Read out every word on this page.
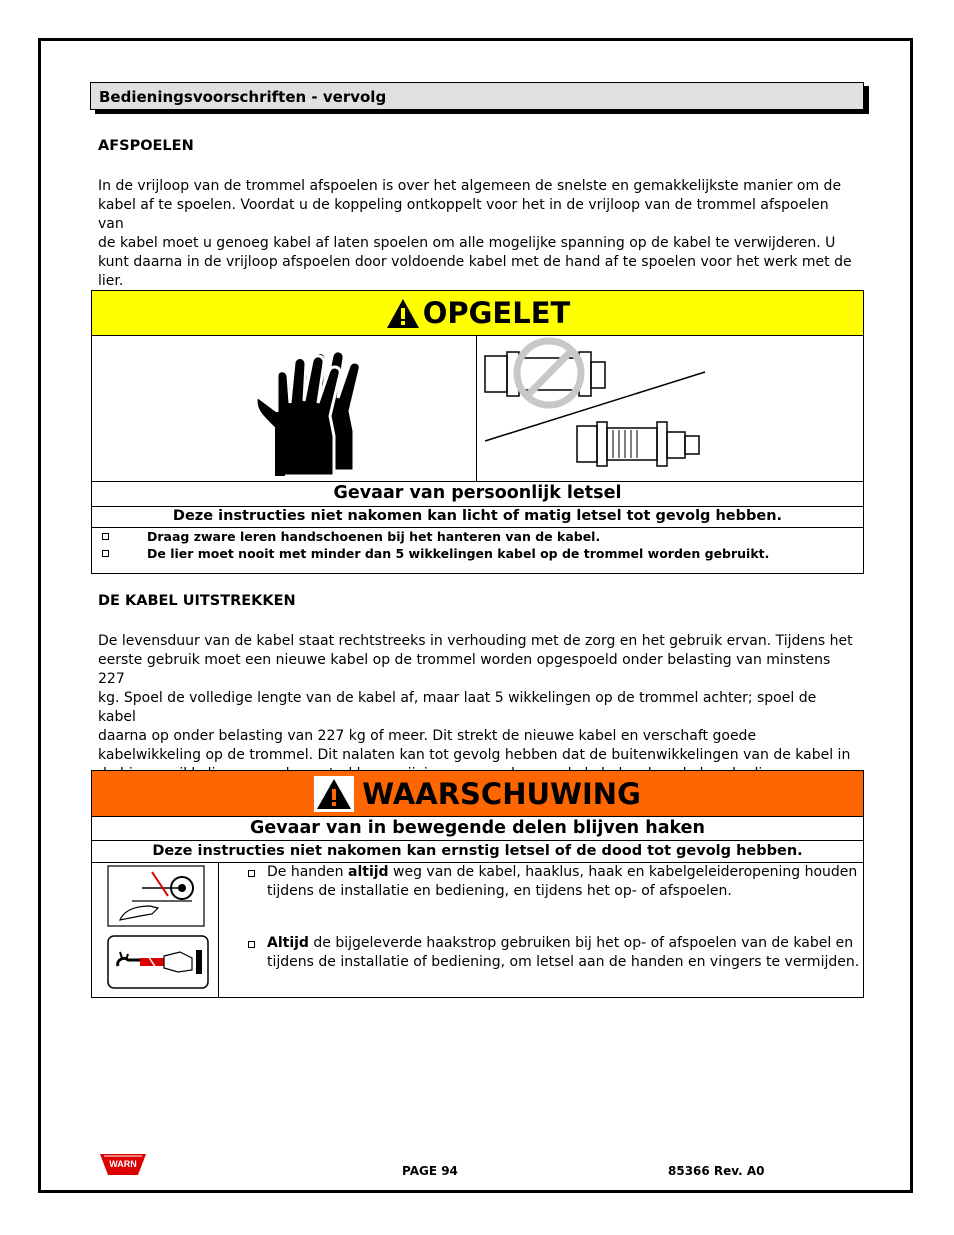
Bedieningsvoorschriften - vervolg
AFSPOELEN
In de vrijloop van de trommel afspoelen is over het algemeen de snelste en gemakkelijkste manier om de
kabel af te spoelen. Voordat u de koppeling ontkoppelt voor het in de vrijloop van de trommel afspoelen van
de kabel moet u genoeg kabel af laten spoelen om alle mogelijke spanning op de kabel te verwijderen. U
kunt daarna in de vrijloop afspoelen door voldoende kabel met de hand af te spoelen voor het werk met de
lier.
OPGELET
Gevaar van persoonlijk letsel
Deze instructies niet nakomen kan licht of matig letsel tot gevolg hebben.
Draag zware leren handschoenen bij het hanteren van de kabel.
De lier moet nooit met minder dan 5 wikkelingen kabel op de trommel worden gebruikt.
DE KABEL UITSTREKKEN
De levensduur van de kabel staat rechtstreeks in verhouding met de zorg en het gebruik ervan. Tijdens het
eerste gebruik moet een nieuwe kabel op de trommel worden opgespoeld onder belasting van minstens 227
kg. Spoel de volledige lengte van de kabel af, maar laat 5 wikkelingen op de trommel achter; spoel de kabel
daarna op onder belasting van 227 kg of meer. Dit strekt de nieuwe kabel en verschaft goede
kabelwikkeling op de trommel. Dit nalaten kan tot gevolg hebben dat de buitenwikkelingen van de kabel in
WAARSCHUWING
Gevaar van in bewegende delen blijven haken
Deze instructies niet nakomen kan ernstig letsel of de dood tot gevolg hebben.
De handen altijd weg van de kabel, haaklus, haak en kabelgeleideropening houden
tijdens de installatie en bediening, en tijdens het op- of afspoelen.
Altijd de bijgeleverde haakstrop gebruiken bij het op- of afspoelen van de kabel en
tijdens de installatie of bediening, om letsel aan de handen en vingers te vermijden.
WARN	PAGE 94	85366 Rev. A0
